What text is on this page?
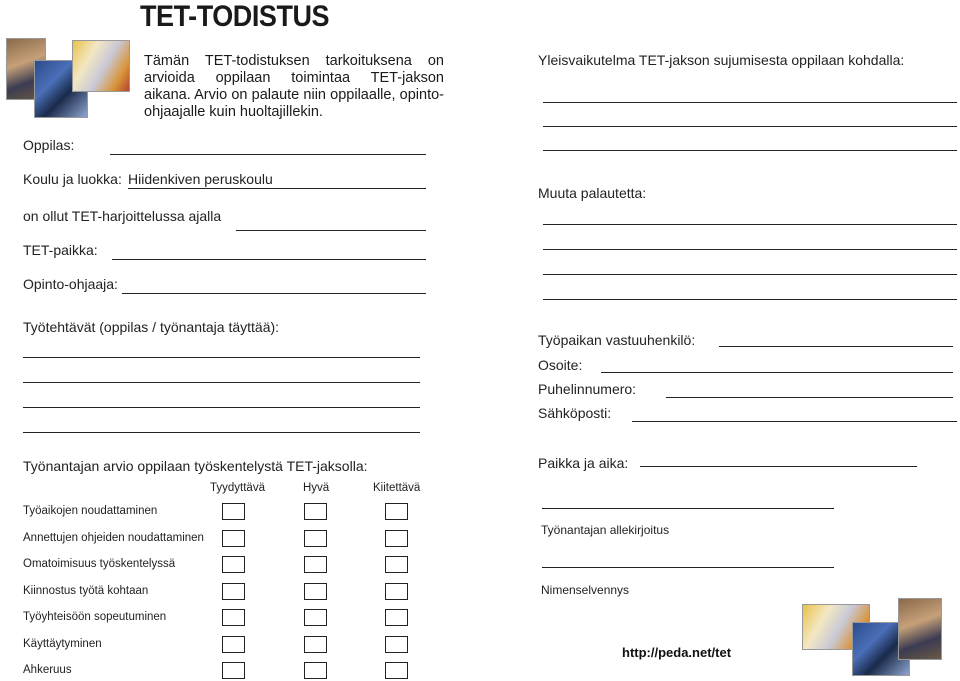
TET-TODISTUS
Tämän TET-todistuksen tarkoituksena on arvioida oppilaan toimintaa TET-jakson aikana. Arvio on palaute niin oppilaalle, opinto-ohjaajalle kuin huoltajillekin.
Oppilas:
Koulu ja luokka: Hiidenkiven peruskoulu
on ollut TET-harjoittelussa ajalla
TET-paikka:
Opinto-ohjaaja:
Työtehtävät (oppilas / työnantaja täyttää):
Työnantajan arvio oppilaan työskentelystä TET-jaksolla:
Tyydyttävä	Hyvä	Kiitettävä
Työaikojen noudattaminen
Annettujen ohjeiden noudattaminen
Omatoimisuus työskentelyssä
Kiinnostus työtä kohtaan
Työyhteisöön sopeutuminen
Käyttäytyminen
Ahkeruus
Yleisvaikutelma TET-jakson sujumisesta oppilaan kohdalla:
Muuta palautetta:
Työpaikan vastuuhenkilö:
Osoite:
Puhelinnumero:
Sähköposti:
Paikka ja aika:
Työnantajan allekirjoitus
Nimenselvennys
http://peda.net/tet
